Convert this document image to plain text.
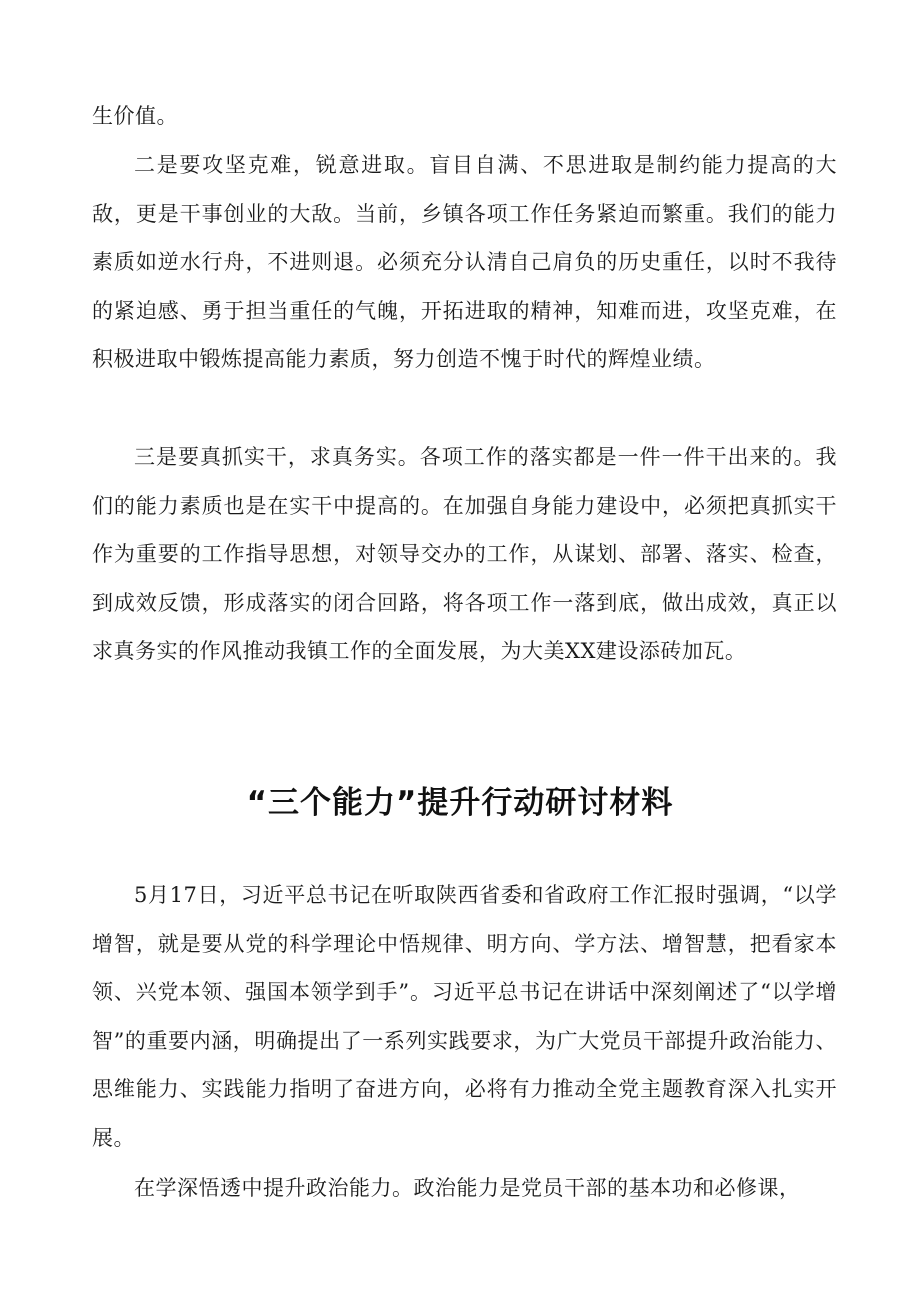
生价值。

二是要攻坚克难，锐意进取。盲目自满、不思进取是制约能力提高的大敌，更是干事创业的大敌。当前，乡镇各项工作任务紧迫而繁重。我们的能力素质如逆水行舟，不进则退。必须充分认清自己肩负的历史重任，以时不我待的紧迫感、勇于担当重任的气魄，开拓进取的精神，知难而进，攻坚克难，在积极进取中锻炼提高能力素质，努力创造不愧于时代的辉煌业绩。

三是要真抓实干，求真务实。各项工作的落实都是一件一件干出来的。我们的能力素质也是在实干中提高的。在加强自身能力建设中，必须把真抓实干作为重要的工作指导思想，对领导交办的工作，从谋划、部署、落实、检查，到成效反馈，形成落实的闭合回路，将各项工作一落到底，做出成效，真正以求真务实的作风推动我镇工作的全面发展，为大美XX建设添砖加瓦。

“三个能力”提升行动研讨材料

5月17日，习近平总书记在听取陕西省委和省政府工作汇报时强调，“以学增智，就是要从党的科学理论中悟规律、明方向、学方法、增智慧，把看家本领、兴党本领、强国本领学到手”。习近平总书记在讲话中深刻阐述了“以学增智”的重要内涵，明确提出了一系列实践要求，为广大党员干部提升政治能力、思维能力、实践能力指明了奋进方向，必将有力推动全党主题教育深入扎实开展。

在学深悟透中提升政治能力。政治能力是党员干部的基本功和必修课，
